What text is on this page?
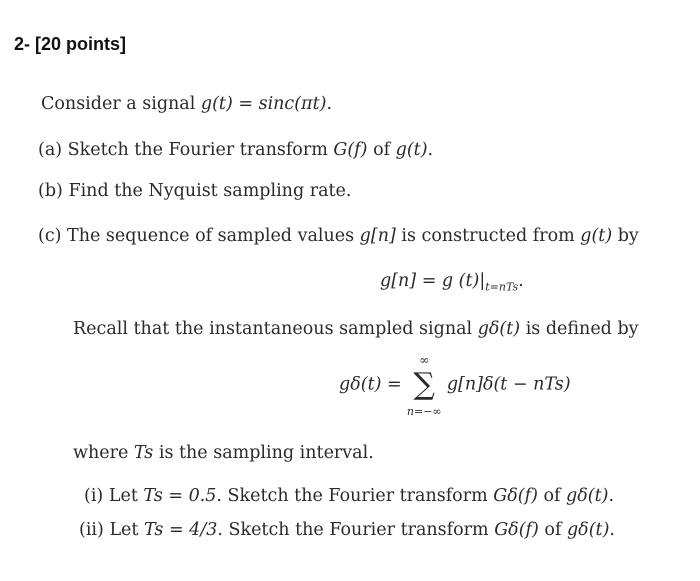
2- [20 points]
Consider a signal g(t) = sinc(πt).
(a) Sketch the Fourier transform G(f) of g(t).
(b) Find the Nyquist sampling rate.
(c) The sequence of sampled values g[n] is constructed from g(t) by
g[n] = g $(t)|_{t=nTs}$.
Recall that the instantaneous sampled signal gδ(t) is defined by
gδ(t) =
∞
∑
n=−∞
g[n]δ(t − nTs)
where Ts is the sampling interval.
(i) Let Ts = 0.5. Sketch the Fourier transform Gδ(f) of gδ(t).
(ii) Let Ts = 4/3. Sketch the Fourier transform Gδ(f) of gδ(t).
